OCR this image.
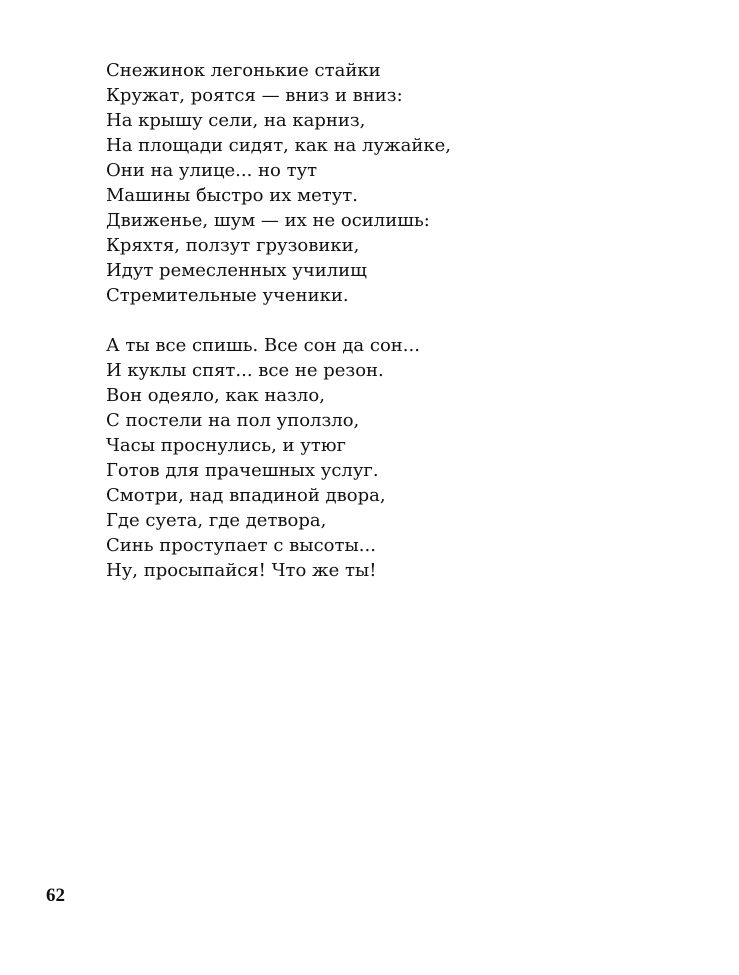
Снежинок легонькие стайки
Кружат, роятся — вниз и вниз:
На крышу сели, на карниз,
На площади сидят, как на лужайке,
Они на улице... но тут
Машины быстро их метут.
Движенье, шум — их не осилишь:
Кряхтя, ползут грузовики,
Идут ремесленных училищ
Стремительные ученики.
А ты все спишь. Все сон да сон...
И куклы спят... все не резон.
Вон одеяло, как назло,
С постели на пол уползло,
Часы проснулись, и утюг
Готов для прачешных услуг.
Смотри, над впадиной двора,
Где суета, где детвора,
Синь проступает с высоты...
Ну, просыпайся! Что же ты!
62
